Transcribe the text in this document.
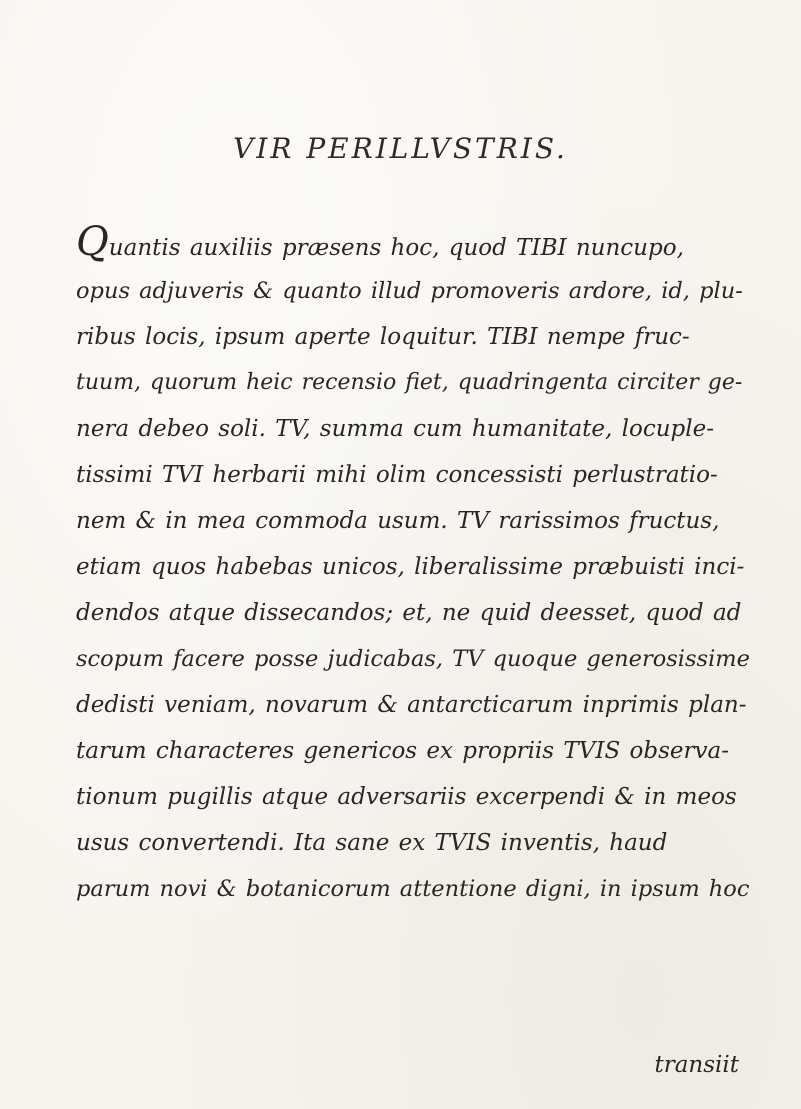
VIR PERILLVSTRIS.
Quantis auxiliis præsens hoc, quod TIBI nuncupo,
opus adjuveris & quanto illud promoveris ardore, id, plu-
ribus locis, ipsum aperte loquitur. TIBI nempe fruc-
tuum, quorum heic recensio fiet, quadringenta circiter ge-
nera debeo soli. TV, summa cum humanitate, locuple-
tissimi TVI herbarii mihi olim concessisti perlustratio-
nem & in mea commoda usum. TV rarissimos fructus,
etiam quos habebas unicos, liberalissime præbuisti inci-
dendos atque dissecandos; et, ne quid deesset, quod ad
scopum facere posse judicabas, TV quoque generosissime
dedisti veniam, novarum & antarcticarum inprimis plan-
tarum characteres genericos ex propriis TVIS observa-
tionum pugillis atque adversariis excerpendi & in meos
usus convertendi. Ita sane ex TVIS inventis, haud
parum novi & botanicorum attentione digni, in ipsum hoc
transiit
